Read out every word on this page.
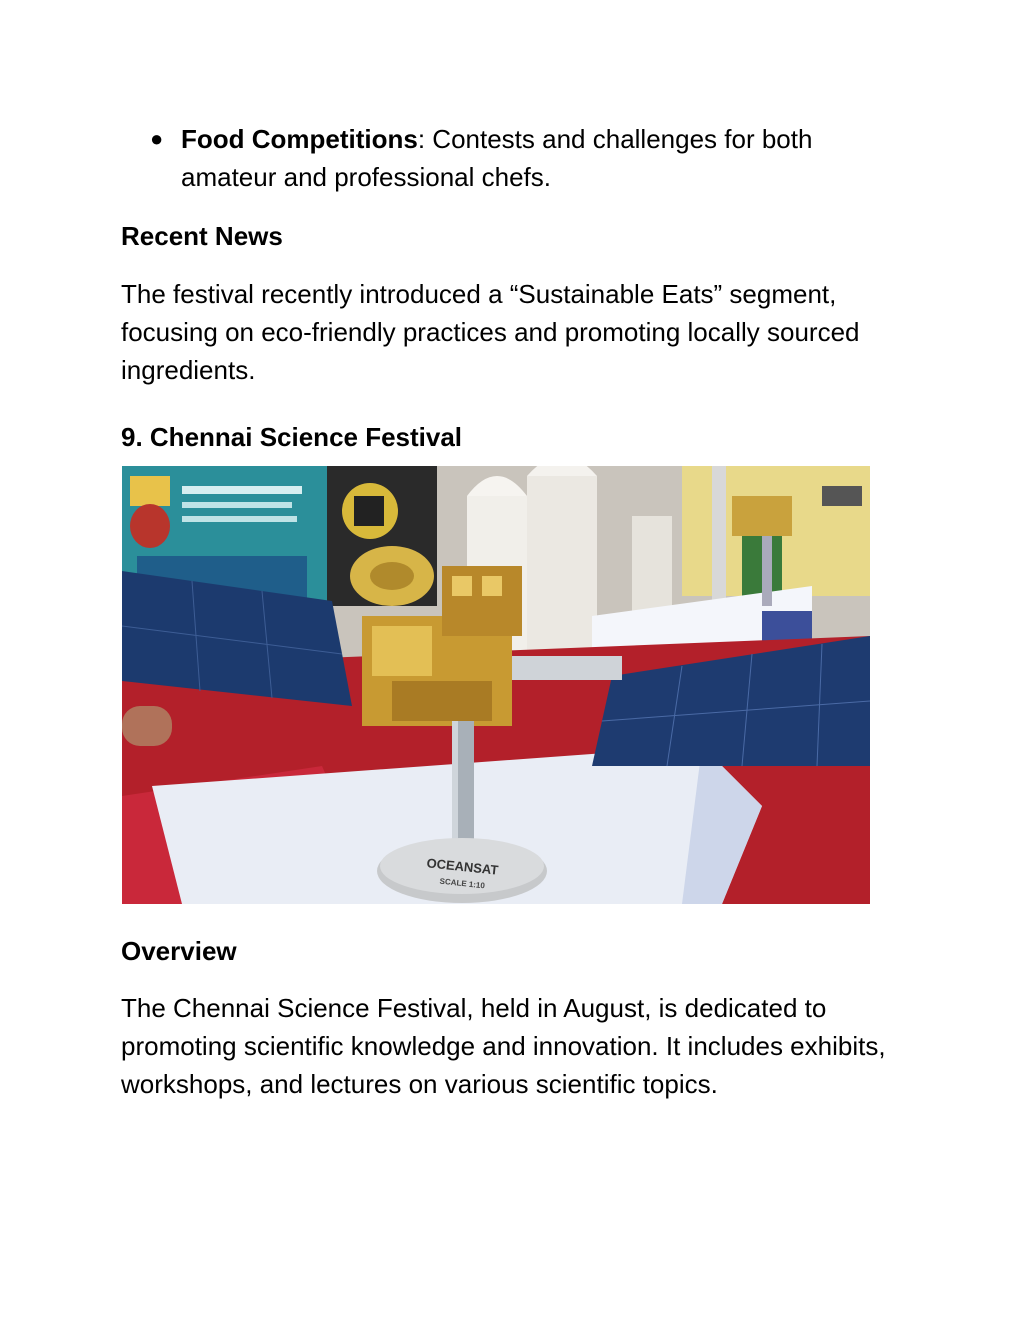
● Food Competitions: Contests and challenges for both amateur and professional chefs.
Recent News
The festival recently introduced a “Sustainable Eats” segment, focusing on eco-friendly practices and promoting locally sourced ingredients.
9. Chennai Science Festival
OCEANSAT
SCALE 1:10
Overview
The Chennai Science Festival, held in August, is dedicated to promoting scientific knowledge and innovation. It includes exhibits, workshops, and lectures on various scientific topics.
